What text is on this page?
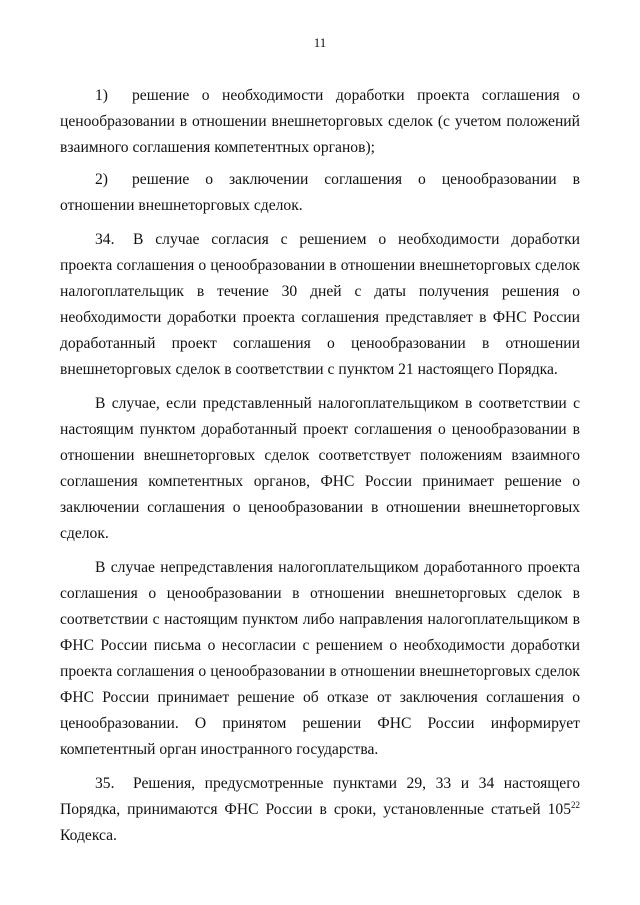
11

1) решение о необходимости доработки проекта соглашения о ценообразовании в отношении внешнеторговых сделок (с учетом положений взаимного соглашения компетентных органов);

2) решение о заключении соглашения о ценообразовании в отношении внешнеторговых сделок.

34. В случае согласия с решением о необходимости доработки проекта соглашения о ценообразовании в отношении внешнеторговых сделок налогоплательщик в течение 30 дней с даты получения решения о необходимости доработки проекта соглашения представляет в ФНС России доработанный проект соглашения о ценообразовании в отношении внешнеторговых сделок в соответствии с пунктом 21 настоящего Порядка.

В случае, если представленный налогоплательщиком в соответствии с настоящим пунктом доработанный проект соглашения о ценообразовании в отношении внешнеторговых сделок соответствует положениям взаимного соглашения компетентных органов, ФНС России принимает решение о заключении соглашения о ценообразовании в отношении внешнеторговых сделок.

В случае непредставления налогоплательщиком доработанного проекта соглашения о ценообразовании в отношении внешнеторговых сделок в соответствии с настоящим пунктом либо направления налогоплательщиком в ФНС России письма о несогласии с решением о необходимости доработки проекта соглашения о ценообразовании в отношении внешнеторговых сделок ФНС России принимает решение об отказе от заключения соглашения о ценообразовании. О принятом решении ФНС России информирует компетентный орган иностранного государства.

35. Решения, предусмотренные пунктами 29, 33 и 34 настоящего Порядка, принимаются ФНС России в сроки, установленные статьей $105^{22}$ Кодекса.
